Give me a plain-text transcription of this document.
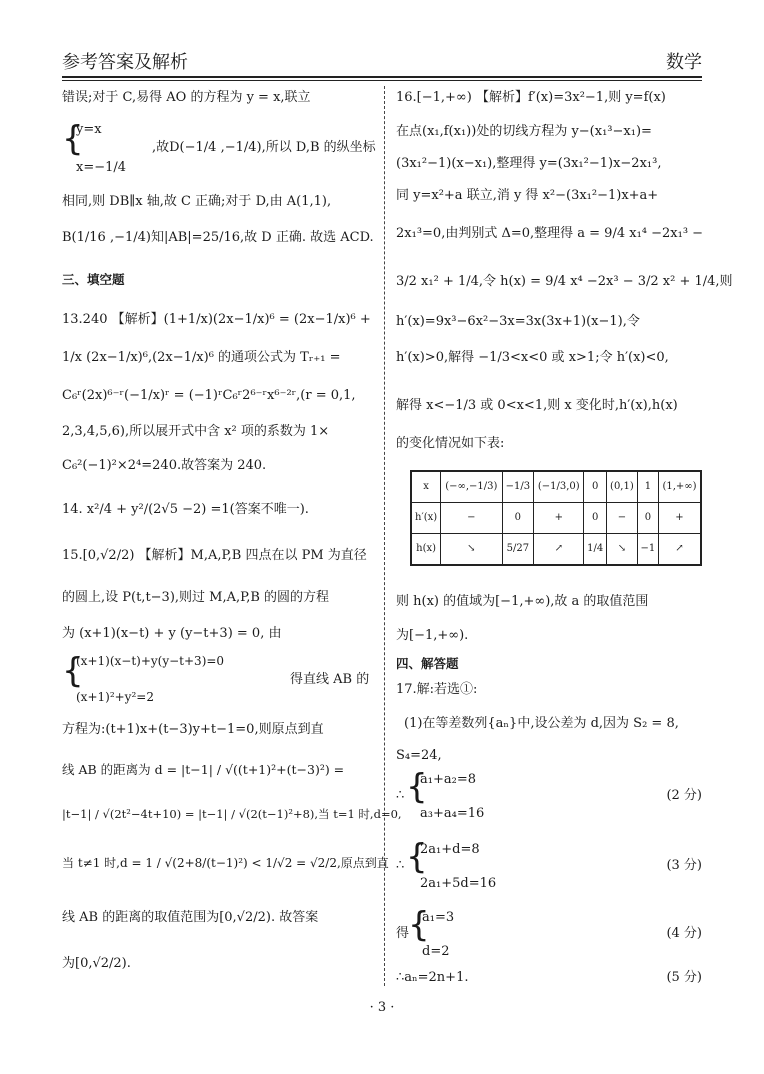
参考答案及解析	数学
错误;对于 C,易得 AO 的方程为 y = x,联立
{
y=x
,故D(−1/4 ,−1/4),所以 D,B 的纵坐标
x=−1/4
相同,则 DB∥x 轴,故 C 正确;对于 D,由 A(1,1),
B(1/16 ,−1/4)知|AB|=25/16,故 D 正确. 故选 ACD.
三、填空题
13.240 【解析】(1+1/x)(2x−1/x)⁶ = (2x−1/x)⁶ +
1/x (2x−1/x)⁶,(2x−1/x)⁶ 的通项公式为 Tᵣ₊₁ =
C₆ʳ(2x)⁶⁻ʳ(−1/x)ʳ = (−1)ʳC₆ʳ2⁶⁻ʳx⁶⁻²ʳ,(r = 0,1,
2,3,4,5,6),所以展开式中含 x² 项的系数为 1×
C₆²(−1)²×2⁴=240.故答案为 240.
14. x²/4 + y²/(2√5 −2) =1(答案不唯一).
15.[0,√2/2) 【解析】M,A,P,B 四点在以 PM 为直径
的圆上,设 P(t,t−3),则过 M,A,P,B 的圆的方程
为 (x+1)(x−t) + y (y−t+3) = 0, 由
{
(x+1)(x−t)+y(y−t+3)=0
得直线 AB 的
(x+1)²+y²=2
方程为:(t+1)x+(t−3)y+t−1=0,则原点到直
线 AB 的距离为 d = |t−1| / √((t+1)²+(t−3)²) =
|t−1| / √(2t²−4t+10) = |t−1| / √(2(t−1)²+8),当 t=1 时,d=0,
当 t≠1 时,d = 1 / √(2+8/(t−1)²) < 1/√2 = √2/2,原点到直
线 AB 的距离的取值范围为[0,√2/2). 故答案
为[0,√2/2).
16.[−1,+∞) 【解析】f′(x)=3x²−1,则 y=f(x)
在点(x₁,f(x₁))处的切线方程为 y−(x₁³−x₁)=
(3x₁²−1)(x−x₁),整理得 y=(3x₁²−1)x−2x₁³,
同 y=x²+a 联立,消 y 得 x²−(3x₁²−1)x+a+
2x₁³=0,由判别式 Δ=0,整理得 a = 9/4 x₁⁴ −2x₁³ −
3/2 x₁² + 1/4,令 h(x) = 9/4 x⁴ −2x³ − 3/2 x² + 1/4,则
h′(x)=9x³−6x²−3x=3x(3x+1)(x−1),令
h′(x)>0,解得 −1/3<x<0 或 x>1;令 h′(x)<0,
解得 x<−1/3 或 0<x<1,则 x 变化时,h′(x),h(x)
的变化情况如下表:
x	(−∞,−1/3)	−1/3	(−1/3,0)	0	(0,1)	1	(1,+∞)
h′(x)	−	0	+	0	−	0	+
h(x)	↘	5/27	↗	1/4	↘	−1	↗
则 h(x) 的值域为[−1,+∞),故 a 的取值范围
为[−1,+∞).
四、解答题
17.解:若选①:
(1)在等差数列{aₙ}中,设公差为 d,因为 S₂ = 8,
S₄=24,
∴ {
a₁+a₂=8
a₃+a₄=16
(2 分)
∴ {
2a₁+d=8
2a₁+5d=16
(3 分)
得
{
a₁=3
d=2
(4 分)
∴aₙ=2n+1.	(5 分)
· 3 ·
